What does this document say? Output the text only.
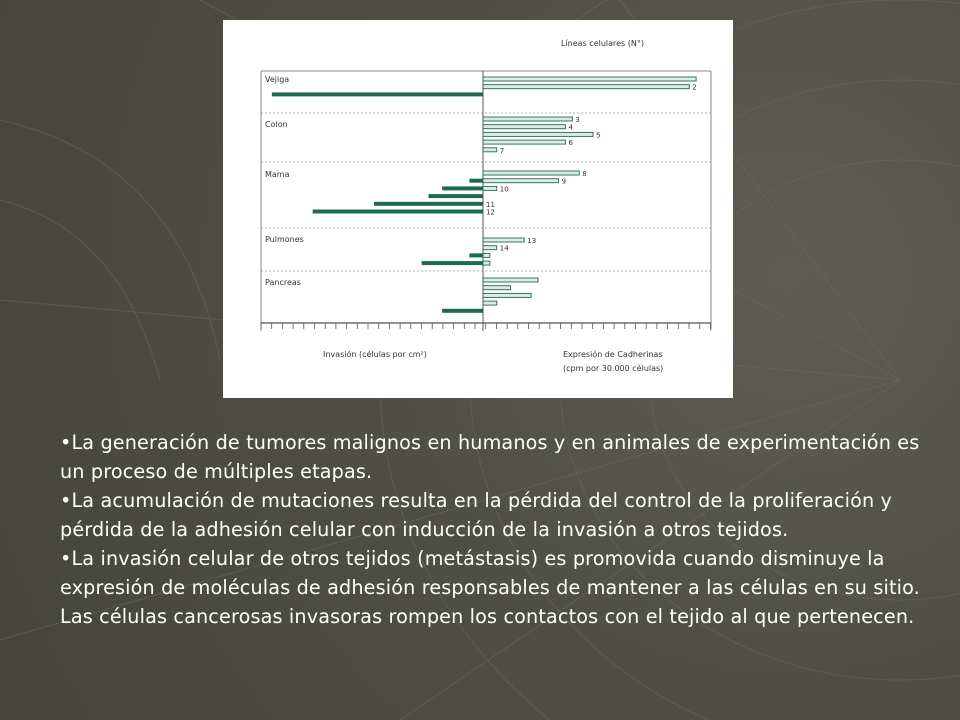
Vejiga
2
Colon	3
4
5
6
7
Mama	8
9
10
11
12
Pulmones	13
14
Pancreas
Líneas celulares (N°)
Invasión (células por cm²)	Expresión de Cadherinas
(cpm por 30.000 células)

•La generación de tumores malignos en humanos y en animales de experimentación es un proceso de múltiples etapas.

•La acumulación de mutaciones resulta en la pérdida del control de la proliferación y pérdida de la adhesión celular con inducción de la invasión a otros tejidos.

•La invasión celular de otros tejidos (metástasis) es promovida cuando disminuye la expresión de moléculas de adhesión responsables de mantener a las células en su sitio. Las células cancerosas invasoras rompen los contactos con el tejido al que pertenecen.
